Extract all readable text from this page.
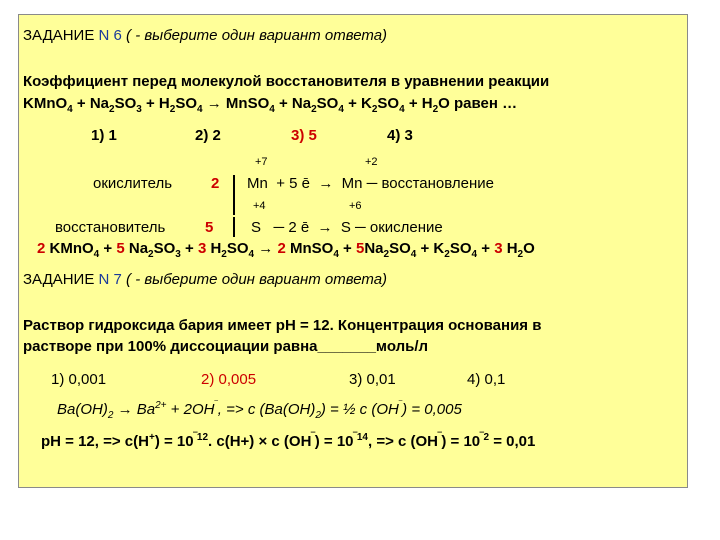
ЗАДАНИЕ N 6 ( - выберите один вариант ответа)
Коэффициент перед молекулой восстановителя в уравнении реакции
KMnO$_4$ + $Na_2SO_3 + H_2SO_4$ → MnSO$_4$ + $Na_2SO_4 + K_2SO_4 + H_2O$ равен …
1) 1	2) 2	3) 5	4) 3
+7	+2
окислитель	2 Mn + 5 ē → Mn ─ восстановление
+4	+6
восстановитель	5	S ─ 2 ē → S ─ окисление
2 KMnO$_4$ + 5 $Na_2SO_3 + 3$ $H_2SO_4 \to 2$ MnSO$_4$ + $5Na_2SO_4 + K_2SO_4 + 3$ $H_2O$
ЗАДАНИЕ N 7 ( - выберите один вариант ответа)
Раствор гидроксида бария имеет pH = 12. Концентрация основания в
растворе при 100% диссоциации равна_______моль/л
1) 0,001	2) 0,005	3) 0,01	4) 0,1
$Ba(OH)_2 \to Ba^{2+} + 2OH^‾$, => c $(Ba(OH)_2)$ = ½ c (OH‾) = 0,005
pH = 12, => $c(H^+) = 10^{‾12}$. c(H+) × c $(OH^‾) = 10^{‾14}$, => c $(OH^‾) = 10^{‾2} = 0,01$
